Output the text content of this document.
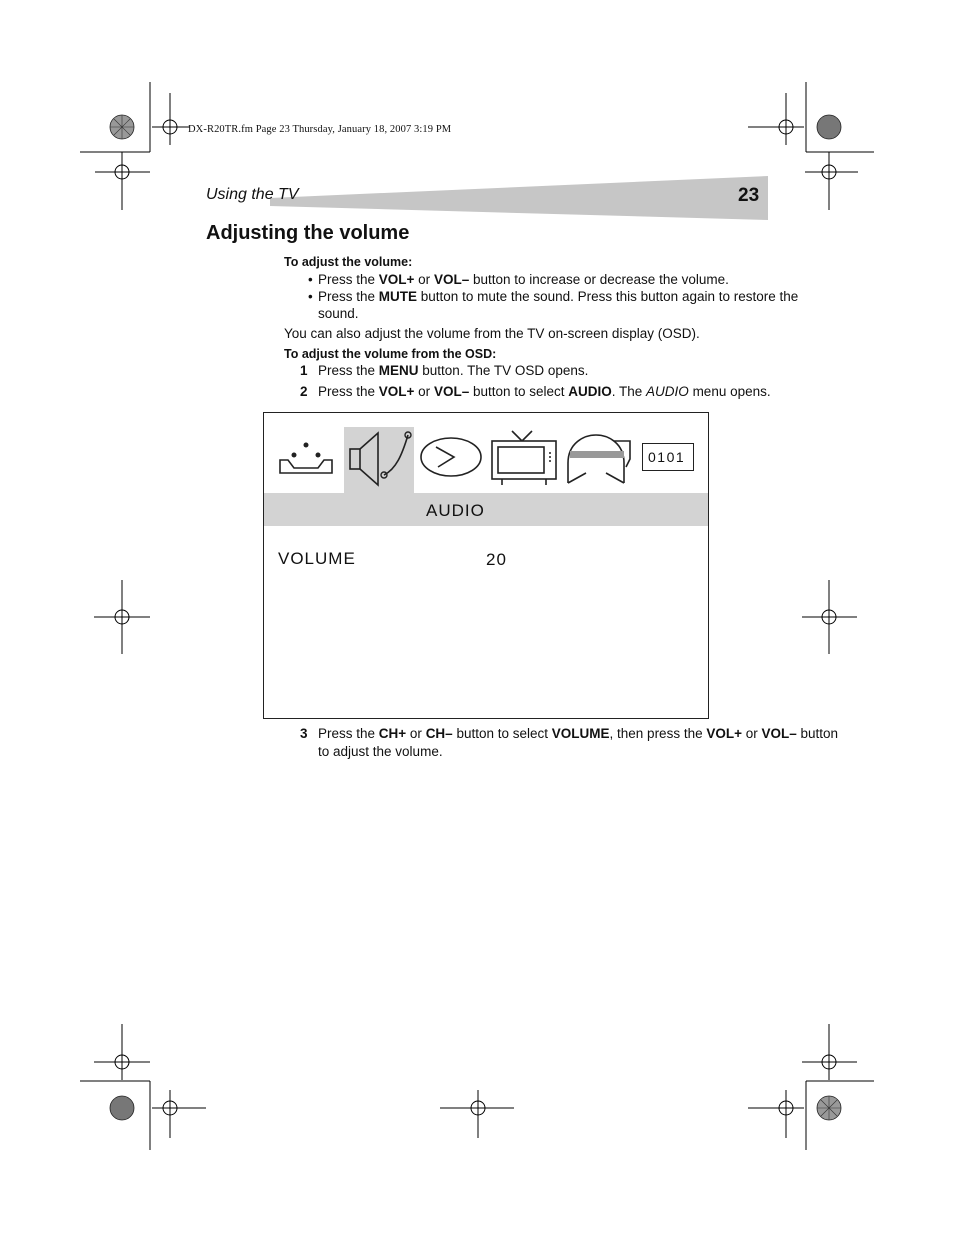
DX-R20TR.fm Page 23 Thursday, January 18, 2007 3:19 PM
Using the TV	23
Adjusting the volume
To adjust the volume:
• Press the VOL+ or VOL– button to increase or decrease the volume.
• Press the MUTE button to mute the sound. Press this button again to restore the
sound.
You can also adjust the volume from the TV on-screen display (OSD).
To adjust the volume from the OSD:
1 Press the MENU button. The TV OSD opens.
2 Press the VOL+ or VOL– button to select AUDIO. The AUDIO menu opens.
0101
AUDIO
VOLUME	20
3 Press the CH+ or CH– button to select VOLUME, then press the VOL+ or VOL– button
to adjust the volume.
